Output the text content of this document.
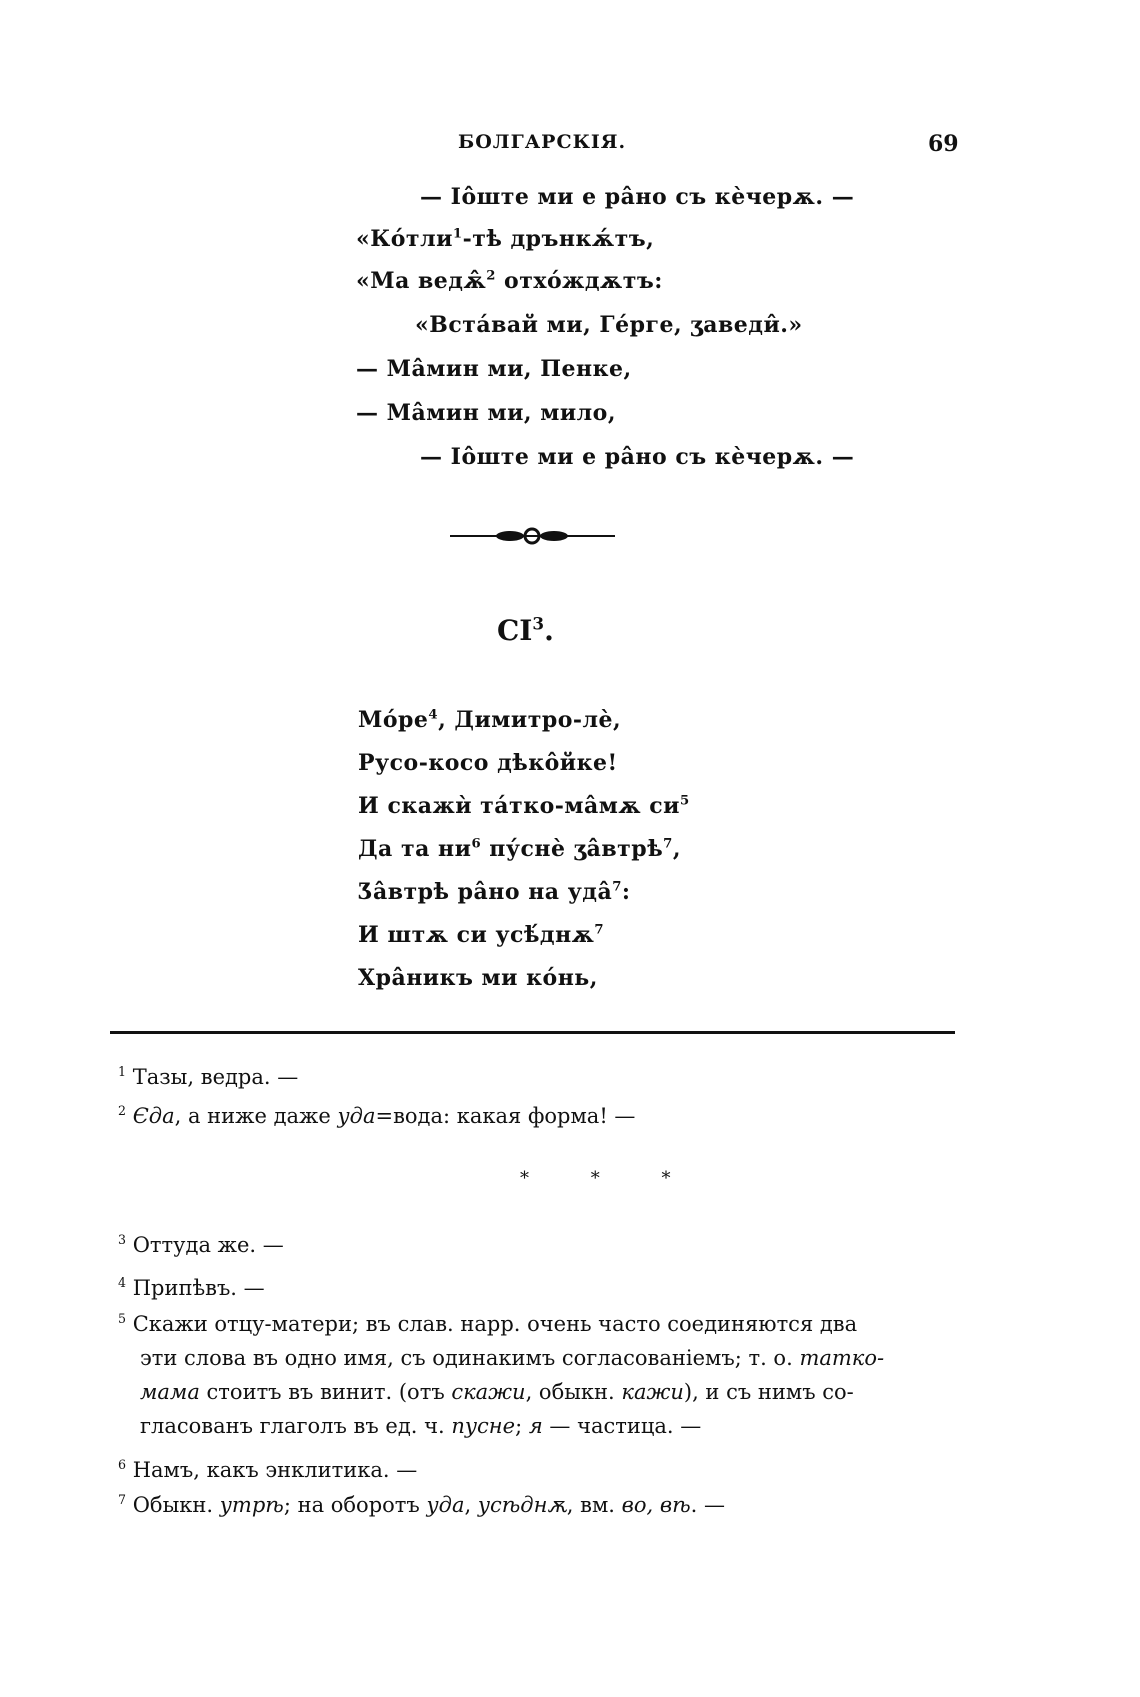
БОЛГАРСКІЯ.	69
— Ӏо̂ште ми е ра̂но съ кѐчерѫ. —
«Ко́тли$^1$-тѣ дрънкѫ́тъ,
«Ма ведѫ̂$^2$ отхо́ждѫтъ:
«Вста́вай ми, Ге́рге, ӡаведи̂.»
— Ма̂мин ми, Пенке,
— Ма̂мин ми, мило,
— Ӏо̂ште ми е ра̂но съ кѐчерѫ. —
$CI^3$.
$Мо́ре^4$, Димитро-лѐ,
Русо-косо дѣко̂йке!
И скажѝ та́тко-ма̂мѫ $си^5$
Да та $ни^6$ пу́снѐ ӡа̂втрѣ$^7$,
Ӡа̂втрѣ ра̂но на уда̂$^7$:
И штѫ си усѣ́днѫ$^7$
Хра̂никъ ми ко́нь,
$^1$ Тазы, ведра. —
$^2$ Єда, а ниже даже уда=вода: какая форма! —
* * *
$^3$ Оттуда же. —
$^4$ Припѣвъ. —
$^5$ Скажи отцу-матери; въ слав. нарр. очень часто соединяются два
эти слова въ одно имя, съ одинакимъ согласованіемъ; т. о. татко-
мама стоитъ въ винит. (отъ скажи, обыкн. кажи), и съ нимъ со-
гласованъ глаголъ въ ед. ч. пусне; я — частица. —
$^6$ Намъ, какъ энклитика. —
$^7$ Обыкн. утрѣ; на оборотъ уда, усѣднѫ, вм. во, вѣ. —
